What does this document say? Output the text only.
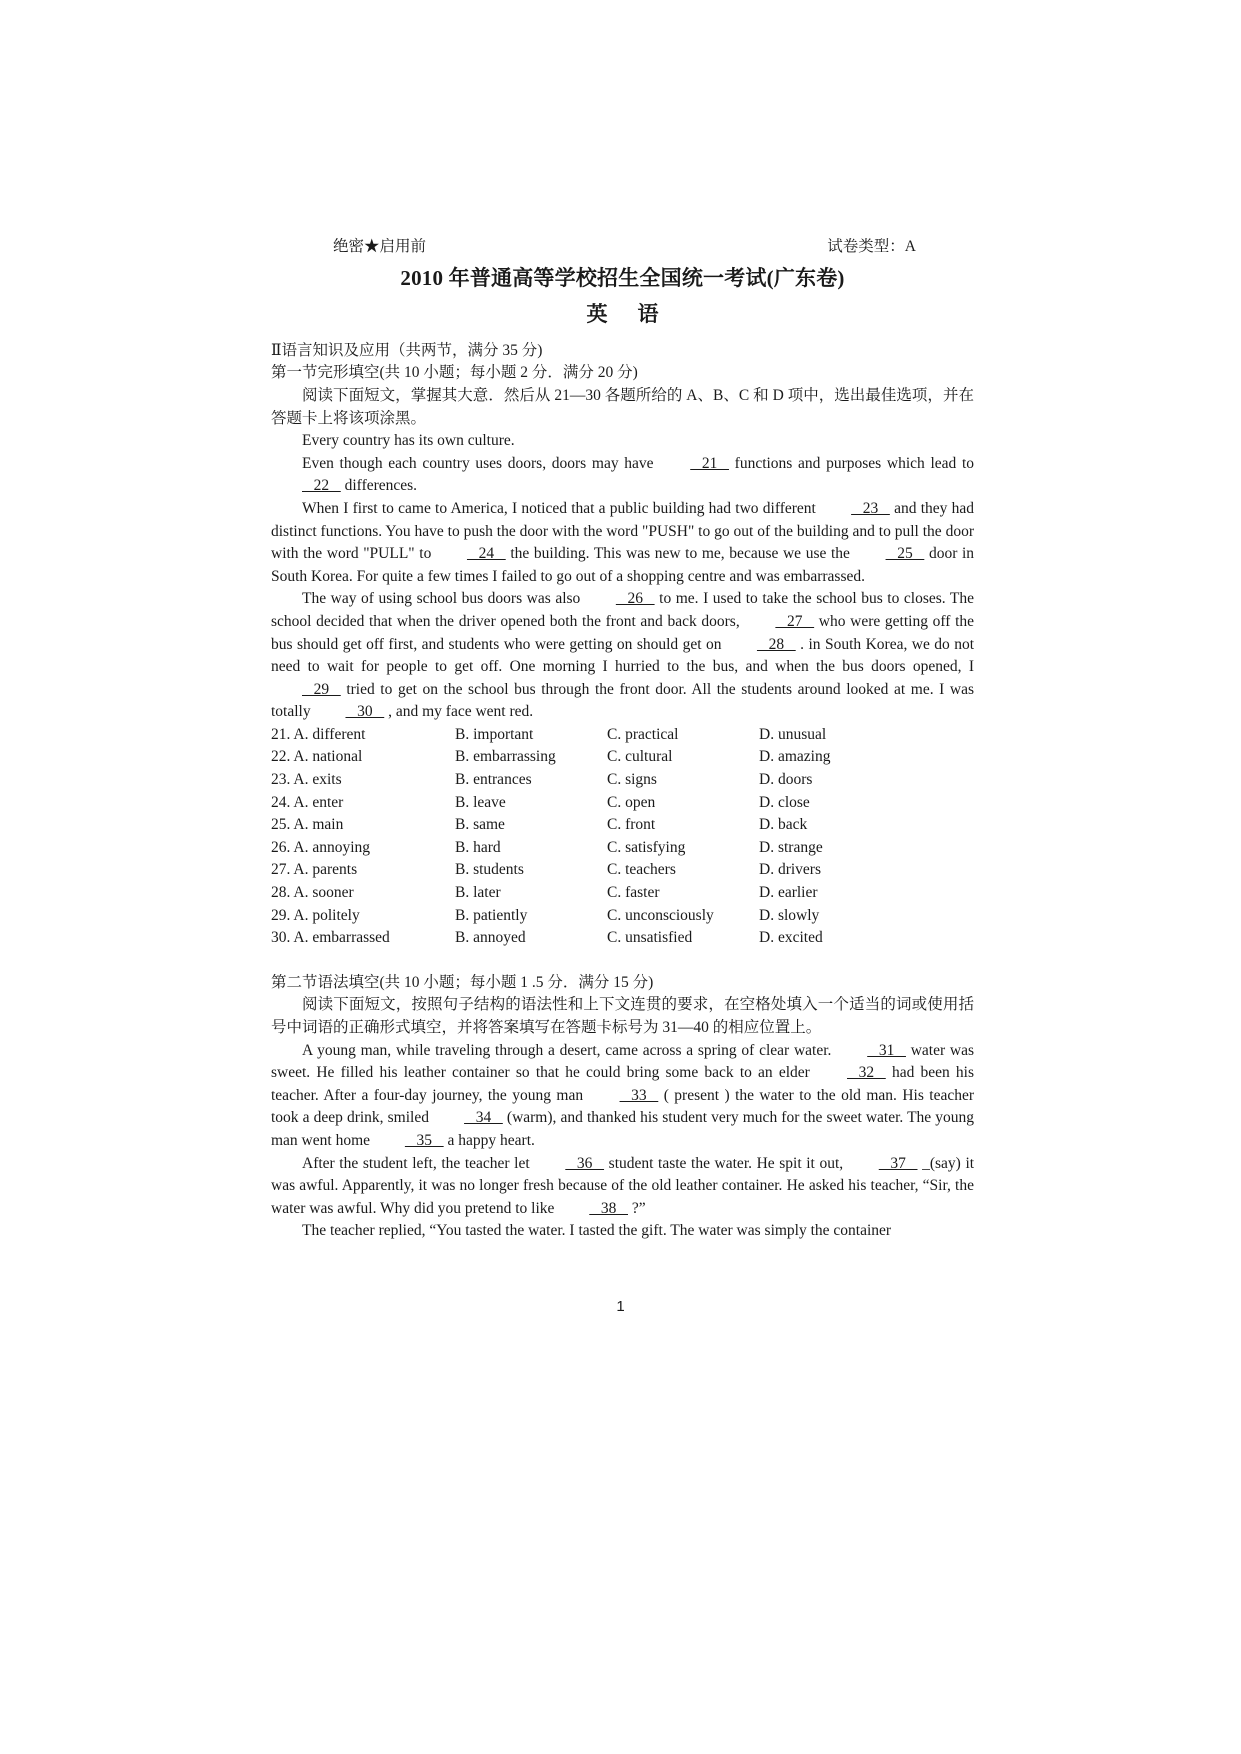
绝密★启用前	试卷类型：A
2010 年普通高等学校招生全国统一考试(广东卷)
英语

Ⅱ语言知识及应用（共两节，满分 35 分)

第一节完形填空(共 10 小题；每小题 2 分．满分 20 分)

阅读下面短文，掌握其大意．然后从 21—30 各题所给的 A、B、C 和 D 项中，选出最佳选项，并在答题卡上将该项涂黑。

Every country has its own culture.

Even though each country uses doors, doors may have    21    functions and purposes which lead to    22    differences.

When I first to came to America, I noticed that a public building had two different    23    and they had distinct functions. You have to push the door with the word "PUSH" to go out of the building and to pull the door with the word "PULL" to    24    the building. This was new to me, because we use the    25    door in South Korea. For quite a few times I failed to go out of a shopping centre and was embarrassed.

The way of using school bus doors was also    26    to me. I used to take the school bus to closes. The school decided that when the driver opened both the front and back doors,    27    who were getting off the bus should get off first, and students who were getting on should get on    28    . in South Korea, we do not need to wait for people to get off. One morning I hurried to the bus, and when the bus doors opened, I    29    tried to get on the school bus through the front door. All the students around looked at me. I was totally    30    , and my face went red.

21. A. different	B. important	C. practical	D. unusual
22. A. national	B. embarrassing	C. cultural	D. amazing
23. A. exits	B. entrances	C. signs	D. doors
24. A. enter	B. leave	C. open	D. close
25. A. main	B. same	C. front	D. back
26. A. annoying	B. hard	C. satisfying	D. strange
27. A. parents	B. students	C. teachers	D. drivers
28. A. sooner	B. later	C. faster	D. earlier
29. A. politely	B. patiently	C. unconsciously	D. slowly
30. A. embarrassed	B. annoyed	C. unsatisfied	D. excited

第二节语法填空(共 10 小题；每小题 1 .5 分．满分 15 分)

阅读下面短文，按照句子结构的语法性和上下文连贯的要求，在空格处填入一个适当的词或使用括号中词语的正确形式填空，并将答案填写在答题卡标号为 31—40 的相应位置上。

A young man, while traveling through a desert, came across a spring of clear water.    31    water was sweet. He filled his leather container so that he could bring some back to an elder    32    had been his teacher. After a four-day journey, the young man    33    ( present ) the water to the old man. His teacher took a deep drink, smiled    34    (warm), and thanked his student very much for the sweet water. The young man went home    35    a happy heart.

After the student left, the teacher let    36    student taste the water. He spit it out,    37    _(say) it was awful. Apparently, it was no longer fresh because of the old leather container. He asked his teacher, “Sir, the water was awful. Why did you pretend to like    38    ?”

The teacher replied, “You tasted the water. I tasted the gift. The water was simply the container

1
